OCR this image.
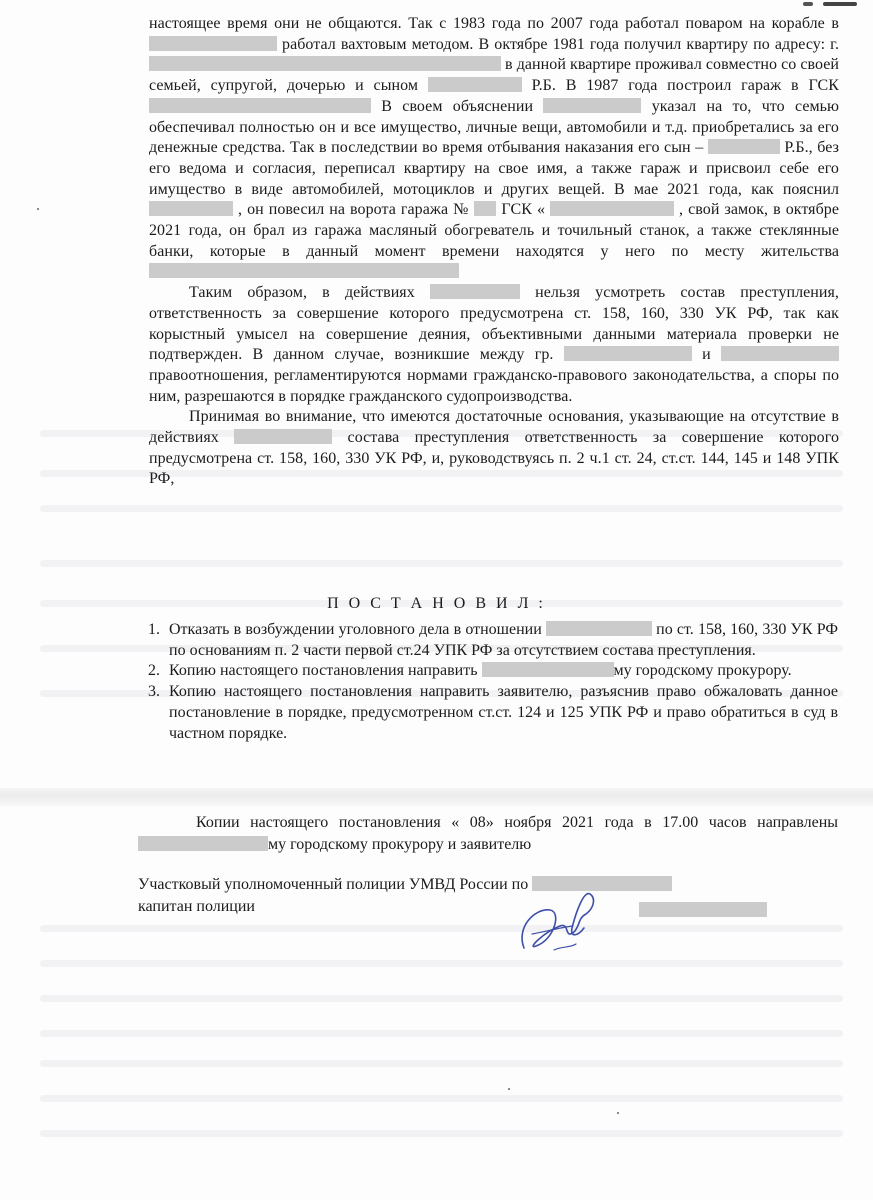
настоящее время они не общаются. Так с 1983 года по 2007 года работал поваром на корабле в  работал вахтовым методом. В октябре 1981 года получил квартиру по адресу: г.  в данной квартире проживал совместно со своей семьей, супругой, дочерью и сыном	Р.Б. В 1987 года построил гараж в ГСК  В своем объяснении	указал на то, что семью обеспечивал полностью он и все имущество, личные вещи, автомобили и т.д. приобретались за его денежные средства. Так в последствии во время отбывания наказания его сын –	Р.Б., без его ведома и согласия, переписал квартиру на свое имя, а также гараж и присвоил себе его имущество в виде автомобилей, мотоциклов и других вещей. В мае 2021 года, как пояснил  , он повесил на ворота гаража №  ГСК «	, свой замок, в октябре 2021 года, он брал из гаража масляный обогреватель и точильный станок, а также стеклянные банки, которые в данный момент времени находятся у него по месту жительства

Таким образом, в действиях	нельзя усмотреть состав преступления, ответственность за совершение которого предусмотрена ст. 158, 160, 330 УК РФ, так как корыстный умысел на совершение деяния, объективными данными материала проверки не подтвержден. В данном случае, возникшие между гр.	и  правоотношения, регламентируются нормами гражданско-правового законодательства, а споры по ним, разрешаются в порядке гражданского судопроизводства.

Принимая во внимание, что имеются достаточные основания, указывающие на отсутствие в действиях	состава преступления ответственность за совершение которого предусмотрена ст. 158, 160, 330 УК РФ, и, руководствуясь п. 2 ч.1 ст. 24, ст.ст. 144, 145 и 148 УПК РФ,

П О С Т А Н О В И Л :
1. Отказать в возбуждении уголовного дела в отношении	по ст. 158, 160, 330 УК РФ по основаниям п. 2 части первой ст.24 УПК РФ за отсутствием состава преступления.
2. Копию настоящего постановления направить	му городскому прокурору.
3. Копию настоящего постановления направить заявителю, разъяснив право обжаловать данное постановление в порядке, предусмотренном ст.ст. 124 и 125 УПК РФ и право обратиться в суд в частном порядке.

Копии настоящего постановления « 08» ноября 2021 года в 17.00 часов направлены му городскому прокурору и заявителю

Участковый уполномоченный полиции УМВД России по

капитан полиции
